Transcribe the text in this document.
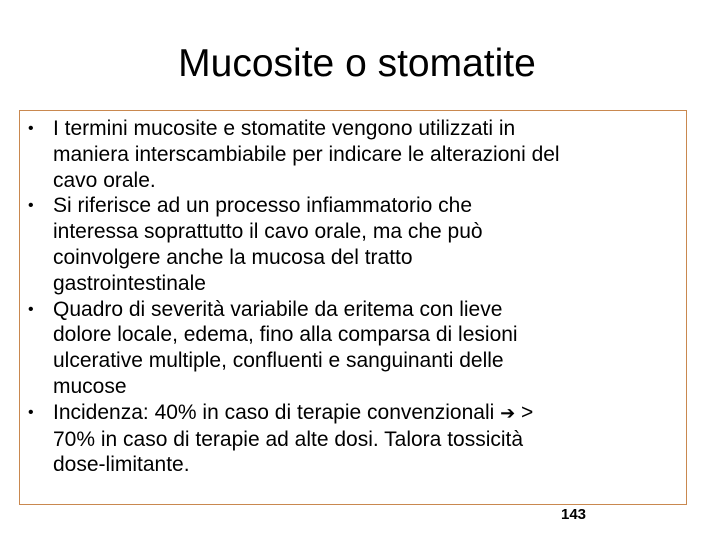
Mucosite o stomatite
• I termini mucosite e stomatite vengono utilizzati in
maniera interscambiabile per indicare le alterazioni del
cavo orale.
• Si riferisce ad un processo infiammatorio che
interessa soprattutto il cavo orale, ma che può
coinvolgere anche la mucosa del tratto
gastrointestinale
• Quadro di severità variabile da eritema con lieve
dolore locale, edema, fino alla comparsa di lesioni
ulcerative multiple, confluenti e sanguinanti delle
mucose
• Incidenza: 40% in caso di terapie convenzionali ➔ >
70% in caso di terapie ad alte dosi. Talora tossicità
dose-limitante.
143
